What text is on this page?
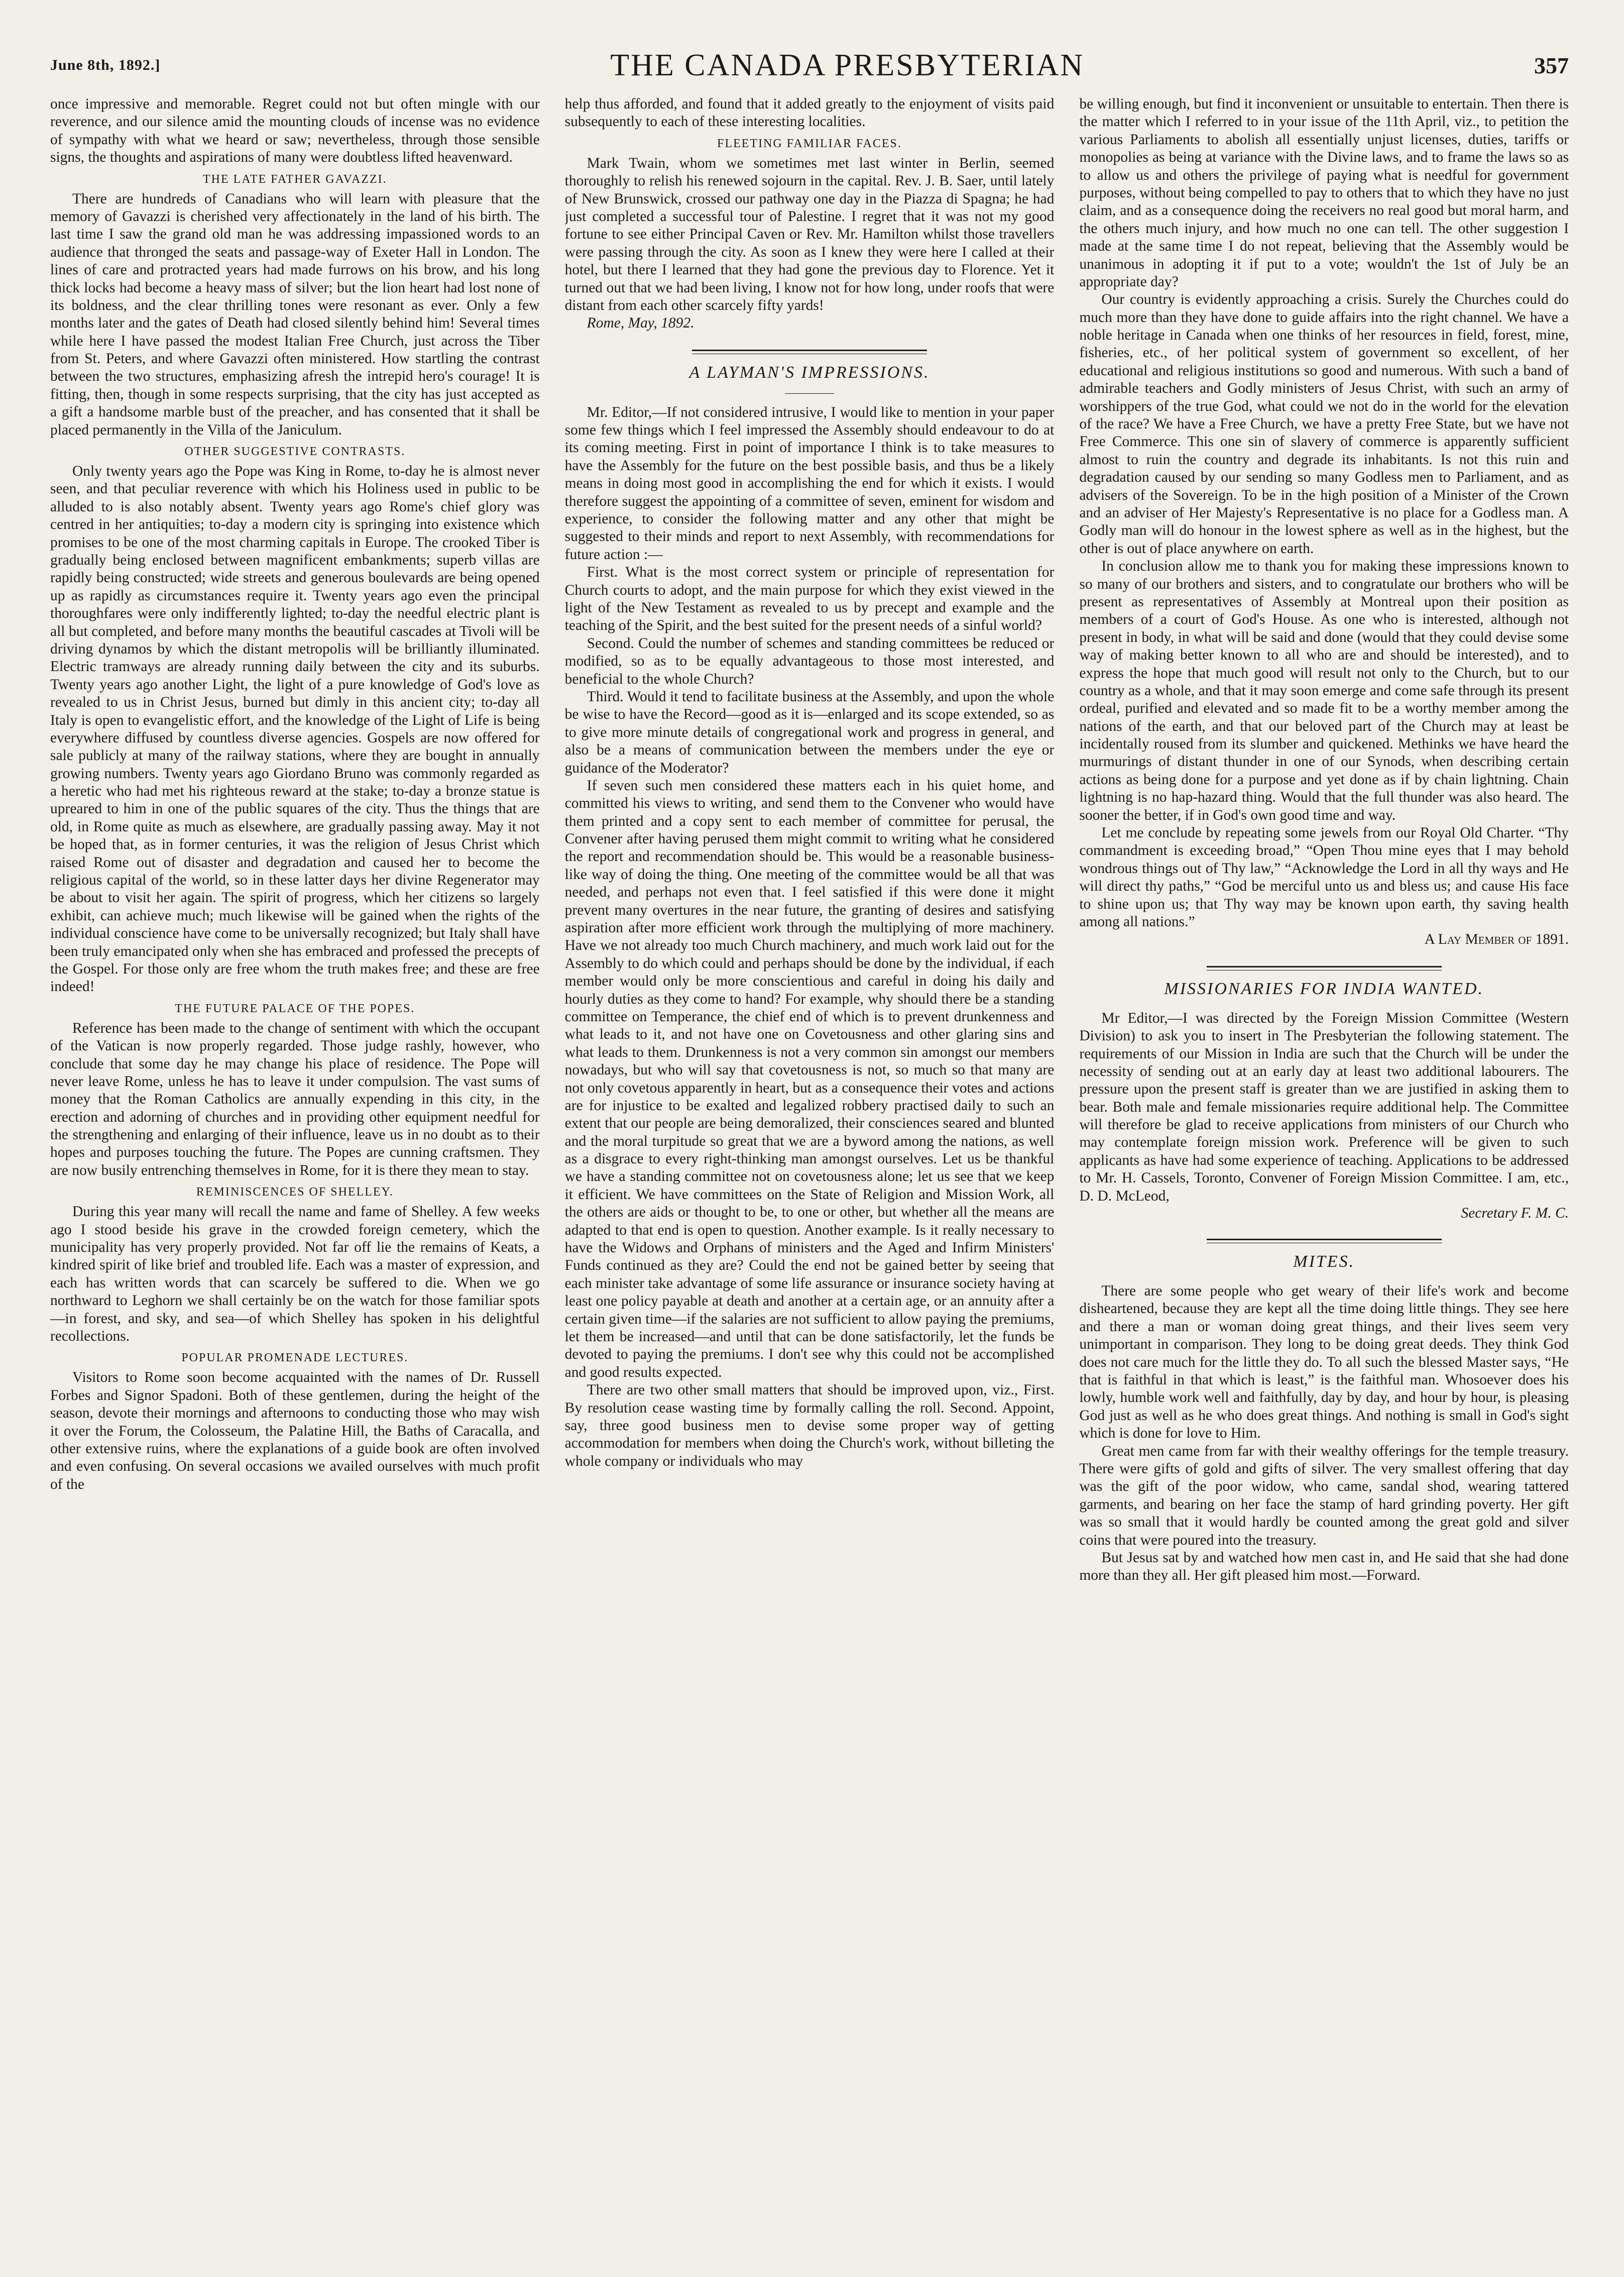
June 8th, 1892.]	THE CANADA PRESBYTERIAN	357

once impressive and memorable. Regret could not but often mingle with our reverence, and our silence amid the mounting clouds of incense was no evidence of sympathy with what we heard or saw; nevertheless, through those sensible signs, the thoughts and aspirations of many were doubtless lifted heavenward.

THE LATE FATHER GAVAZZI.

There are hundreds of Canadians who will learn with pleasure that the memory of Gavazzi is cherished very affectionately in the land of his birth. The last time I saw the grand old man he was addressing impassioned words to an audience that thronged the seats and passage-way of Exeter Hall in London. The lines of care and protracted years had made furrows on his brow, and his long thick locks had become a heavy mass of silver; but the lion heart had lost none of its boldness, and the clear thrilling tones were resonant as ever. Only a few months later and the gates of Death had closed silently behind him! Several times while here I have passed the modest Italian Free Church, just across the Tiber from St. Peters, and where Gavazzi often ministered. How startling the contrast between the two structures, emphasizing afresh the intrepid hero's courage! It is fitting, then, though in some respects surprising, that the city has just accepted as a gift a handsome marble bust of the preacher, and has consented that it shall be placed permanently in the Villa of the Janiculum.

OTHER SUGGESTIVE CONTRASTS.

Only twenty years ago the Pope was King in Rome, to-day he is almost never seen, and that peculiar reverence with which his Holiness used in public to be alluded to is also notably absent. Twenty years ago Rome's chief glory was centred in her antiquities; to-day a modern city is springing into existence which promises to be one of the most charming capitals in Europe. The crooked Tiber is gradually being enclosed between magnificent embankments; superb villas are rapidly being constructed; wide streets and generous boulevards are being opened up as rapidly as circumstances require it. Twenty years ago even the principal thoroughfares were only indifferently lighted; to-day the needful electric plant is all but completed, and before many months the beautiful cascades at Tivoli will be driving dynamos by which the distant metropolis will be brilliantly illuminated. Electric tramways are already running daily between the city and its suburbs. Twenty years ago another Light, the light of a pure knowledge of God's love as revealed to us in Christ Jesus, burned but dimly in this ancient city; to-day all Italy is open to evangelistic effort, and the knowledge of the Light of Life is being everywhere diffused by countless diverse agencies. Gospels are now offered for sale publicly at many of the railway stations, where they are bought in annually growing numbers. Twenty years ago Giordano Bruno was commonly regarded as a heretic who had met his righteous reward at the stake; to-day a bronze statue is upreared to him in one of the public squares of the city. Thus the things that are old, in Rome quite as much as elsewhere, are gradually passing away. May it not be hoped that, as in former centuries, it was the religion of Jesus Christ which raised Rome out of disaster and degradation and caused her to become the religious capital of the world, so in these latter days her divine Regenerator may be about to visit her again. The spirit of progress, which her citizens so largely exhibit, can achieve much; much likewise will be gained when the rights of the individual conscience have come to be universally recognized; but Italy shall have been truly emancipated only when she has embraced and professed the precepts of the Gospel. For those only are free whom the truth makes free; and these are free indeed!

THE FUTURE PALACE OF THE POPES.

Reference has been made to the change of sentiment with which the occupant of the Vatican is now properly regarded. Those judge rashly, however, who conclude that some day he may change his place of residence. The Pope will never leave Rome, unless he has to leave it under compulsion. The vast sums of money that the Roman Catholics are annually expending in this city, in the erection and adorning of churches and in providing other equipment needful for the strengthening and enlarging of their influence, leave us in no doubt as to their hopes and purposes touching the future. The Popes are cunning craftsmen. They are now busily entrenching themselves in Rome, for it is there they mean to stay.

REMINISCENCES OF SHELLEY.

During this year many will recall the name and fame of Shelley. A few weeks ago I stood beside his grave in the crowded foreign cemetery, which the municipality has very properly provided. Not far off lie the remains of Keats, a kindred spirit of like brief and troubled life. Each was a master of expression, and each has written words that can scarcely be suffered to die. When we go northward to Leghorn we shall certainly be on the watch for those familiar spots—in forest, and sky, and sea—of which Shelley has spoken in his delightful recollections.

POPULAR PROMENADE LECTURES.

Visitors to Rome soon become acquainted with the names of Dr. Russell Forbes and Signor Spadoni. Both of these gentlemen, during the height of the season, devote their mornings and afternoons to conducting those who may wish it over the Forum, the Colosseum, the Palatine Hill, the Baths of Caracalla, and other extensive ruins, where the explanations of a guide book are often involved and even confusing. On several occasions we availed ourselves with much profit of the

help thus afforded, and found that it added greatly to the enjoyment of visits paid subsequently to each of these interesting localities.

FLEETING FAMILIAR FACES.

Mark Twain, whom we sometimes met last winter in Berlin, seemed thoroughly to relish his renewed sojourn in the capital. Rev. J. B. Saer, until lately of New Brunswick, crossed our pathway one day in the Piazza di Spagna; he had just completed a successful tour of Palestine. I regret that it was not my good fortune to see either Principal Caven or Rev. Mr. Hamilton whilst those travellers were passing through the city. As soon as I knew they were here I called at their hotel, but there I learned that they had gone the previous day to Florence. Yet it turned out that we had been living, I know not for how long, under roofs that were distant from each other scarcely fifty yards!

Rome, May, 1892.

A LAYMAN'S IMPRESSIONS.

Mr. Editor,—If not considered intrusive, I would like to mention in your paper some few things which I feel impressed the Assembly should endeavour to do at its coming meeting. First in point of importance I think is to take measures to have the Assembly for the future on the best possible basis, and thus be a likely means in doing most good in accomplishing the end for which it exists. I would therefore suggest the appointing of a committee of seven, eminent for wisdom and experience, to consider the following matter and any other that might be suggested to their minds and report to next Assembly, with recommendations for future action :—

First. What is the most correct system or principle of representation for Church courts to adopt, and the main purpose for which they exist viewed in the light of the New Testament as revealed to us by precept and example and the teaching of the Spirit, and the best suited for the present needs of a sinful world?

Second. Could the number of schemes and standing committees be reduced or modified, so as to be equally advantageous to those most interested, and beneficial to the whole Church?

Third. Would it tend to facilitate business at the Assembly, and upon the whole be wise to have the Record—good as it is—enlarged and its scope extended, so as to give more minute details of congregational work and progress in general, and also be a means of communication between the members under the eye or guidance of the Moderator?

If seven such men considered these matters each in his quiet home, and committed his views to writing, and send them to the Convener who would have them printed and a copy sent to each member of committee for perusal, the Convener after having perused them might commit to writing what he considered the report and recommendation should be. This would be a reasonable business-like way of doing the thing. One meeting of the committee would be all that was needed, and perhaps not even that. I feel satisfied if this were done it might prevent many overtures in the near future, the granting of desires and satisfying aspiration after more efficient work through the multiplying of more machinery. Have we not already too much Church machinery, and much work laid out for the Assembly to do which could and perhaps should be done by the individual, if each member would only be more conscientious and careful in doing his daily and hourly duties as they come to hand? For example, why should there be a standing committee on Temperance, the chief end of which is to prevent drunkenness and what leads to it, and not have one on Covetousness and other glaring sins and what leads to them. Drunkenness is not a very common sin amongst our members nowadays, but who will say that covetousness is not, so much so that many are not only covetous apparently in heart, but as a consequence their votes and actions are for injustice to be exalted and legalized robbery practised daily to such an extent that our people are being demoralized, their consciences seared and blunted and the moral turpitude so great that we are a byword among the nations, as well as a disgrace to every right-thinking man amongst ourselves. Let us be thankful we have a standing committee not on covetousness alone; let us see that we keep it efficient. We have committees on the State of Religion and Mission Work, all the others are aids or thought to be, to one or other, but whether all the means are adapted to that end is open to question. Another example. Is it really necessary to have the Widows and Orphans of ministers and the Aged and Infirm Ministers' Funds continued as they are? Could the end not be gained better by seeing that each minister take advantage of some life assurance or insurance society having at least one policy payable at death and another at a certain age, or an annuity after a certain given time—if the salaries are not sufficient to allow paying the premiums, let them be increased—and until that can be done satisfactorily, let the funds be devoted to paying the premiums. I don't see why this could not be accomplished and good results expected.

There are two other small matters that should be improved upon, viz., First. By resolution cease wasting time by formally calling the roll. Second. Appoint, say, three good business men to devise some proper way of getting accommodation for members when doing the Church's work, without billeting the whole company or individuals who may

be willing enough, but find it inconvenient or unsuitable to entertain. Then there is the matter which I referred to in your issue of the 11th April, viz., to petition the various Parliaments to abolish all essentially unjust licenses, duties, tariffs or monopolies as being at variance with the Divine laws, and to frame the laws so as to allow us and others the privilege of paying what is needful for government purposes, without being compelled to pay to others that to which they have no just claim, and as a consequence doing the receivers no real good but moral harm, and the others much injury, and how much no one can tell. The other suggestion I made at the same time I do not repeat, believing that the Assembly would be unanimous in adopting it if put to a vote; wouldn't the 1st of July be an appropriate day?

Our country is evidently approaching a crisis. Surely the Churches could do much more than they have done to guide affairs into the right channel. We have a noble heritage in Canada when one thinks of her resources in field, forest, mine, fisheries, etc., of her political system of government so excellent, of her educational and religious institutions so good and numerous. With such a band of admirable teachers and Godly ministers of Jesus Christ, with such an army of worshippers of the true God, what could we not do in the world for the elevation of the race? We have a Free Church, we have a pretty Free State, but we have not Free Commerce. This one sin of slavery of commerce is apparently sufficient almost to ruin the country and degrade its inhabitants. Is not this ruin and degradation caused by our sending so many Godless men to Parliament, and as advisers of the Sovereign. To be in the high position of a Minister of the Crown and an adviser of Her Majesty's Representative is no place for a Godless man. A Godly man will do honour in the lowest sphere as well as in the highest, but the other is out of place anywhere on earth.

In conclusion allow me to thank you for making these impressions known to so many of our brothers and sisters, and to congratulate our brothers who will be present as representatives of Assembly at Montreal upon their position as members of a court of God's House. As one who is interested, although not present in body, in what will be said and done (would that they could devise some way of making better known to all who are and should be interested), and to express the hope that much good will result not only to the Church, but to our country as a whole, and that it may soon emerge and come safe through its present ordeal, purified and elevated and so made fit to be a worthy member among the nations of the earth, and that our beloved part of the Church may at least be incidentally roused from its slumber and quickened. Methinks we have heard the murmurings of distant thunder in one of our Synods, when describing certain actions as being done for a purpose and yet done as if by chain lightning. Chain lightning is no hap-hazard thing. Would that the full thunder was also heard. The sooner the better, if in God's own good time and way.

Let me conclude by repeating some jewels from our Royal Old Charter. “Thy commandment is exceeding broad,” “Open Thou mine eyes that I may behold wondrous things out of Thy law,” “Acknowledge the Lord in all thy ways and He will direct thy paths,” “God be merciful unto us and bless us; and cause His face to shine upon us; that Thy way may be known upon earth, thy saving health among all nations.”

A Lay Member of 1891.

MISSIONARIES FOR INDIA WANTED.

Mr Editor,—I was directed by the Foreign Mission Committee (Western Division) to ask you to insert in The Presbyterian the following statement. The requirements of our Mission in India are such that the Church will be under the necessity of sending out at an early day at least two additional labourers. The pressure upon the present staff is greater than we are justified in asking them to bear. Both male and female missionaries require additional help. The Committee will therefore be glad to receive applications from ministers of our Church who may contemplate foreign mission work. Preference will be given to such applicants as have had some experience of teaching. Applications to be addressed to Mr. H. Cassels, Toronto, Convener of Foreign Mission Committee. I am, etc., D. D. McLeod,

Secretary F. M. C.
MITES.

There are some people who get weary of their life's work and become disheartened, because they are kept all the time doing little things. They see here and there a man or woman doing great things, and their lives seem very unimportant in comparison. They long to be doing great deeds. They think God does not care much for the little they do. To all such the blessed Master says, “He that is faithful in that which is least,” is the faithful man. Whosoever does his lowly, humble work well and faithfully, day by day, and hour by hour, is pleasing God just as well as he who does great things. And nothing is small in God's sight which is done for love to Him.

Great men came from far with their wealthy offerings for the temple treasury. There were gifts of gold and gifts of silver. The very smallest offering that day was the gift of the poor widow, who came, sandal shod, wearing tattered garments, and bearing on her face the stamp of hard grinding poverty. Her gift was so small that it would hardly be counted among the great gold and silver coins that were poured into the treasury.

But Jesus sat by and watched how men cast in, and He said that she had done more than they all. Her gift pleased him most.—Forward.
